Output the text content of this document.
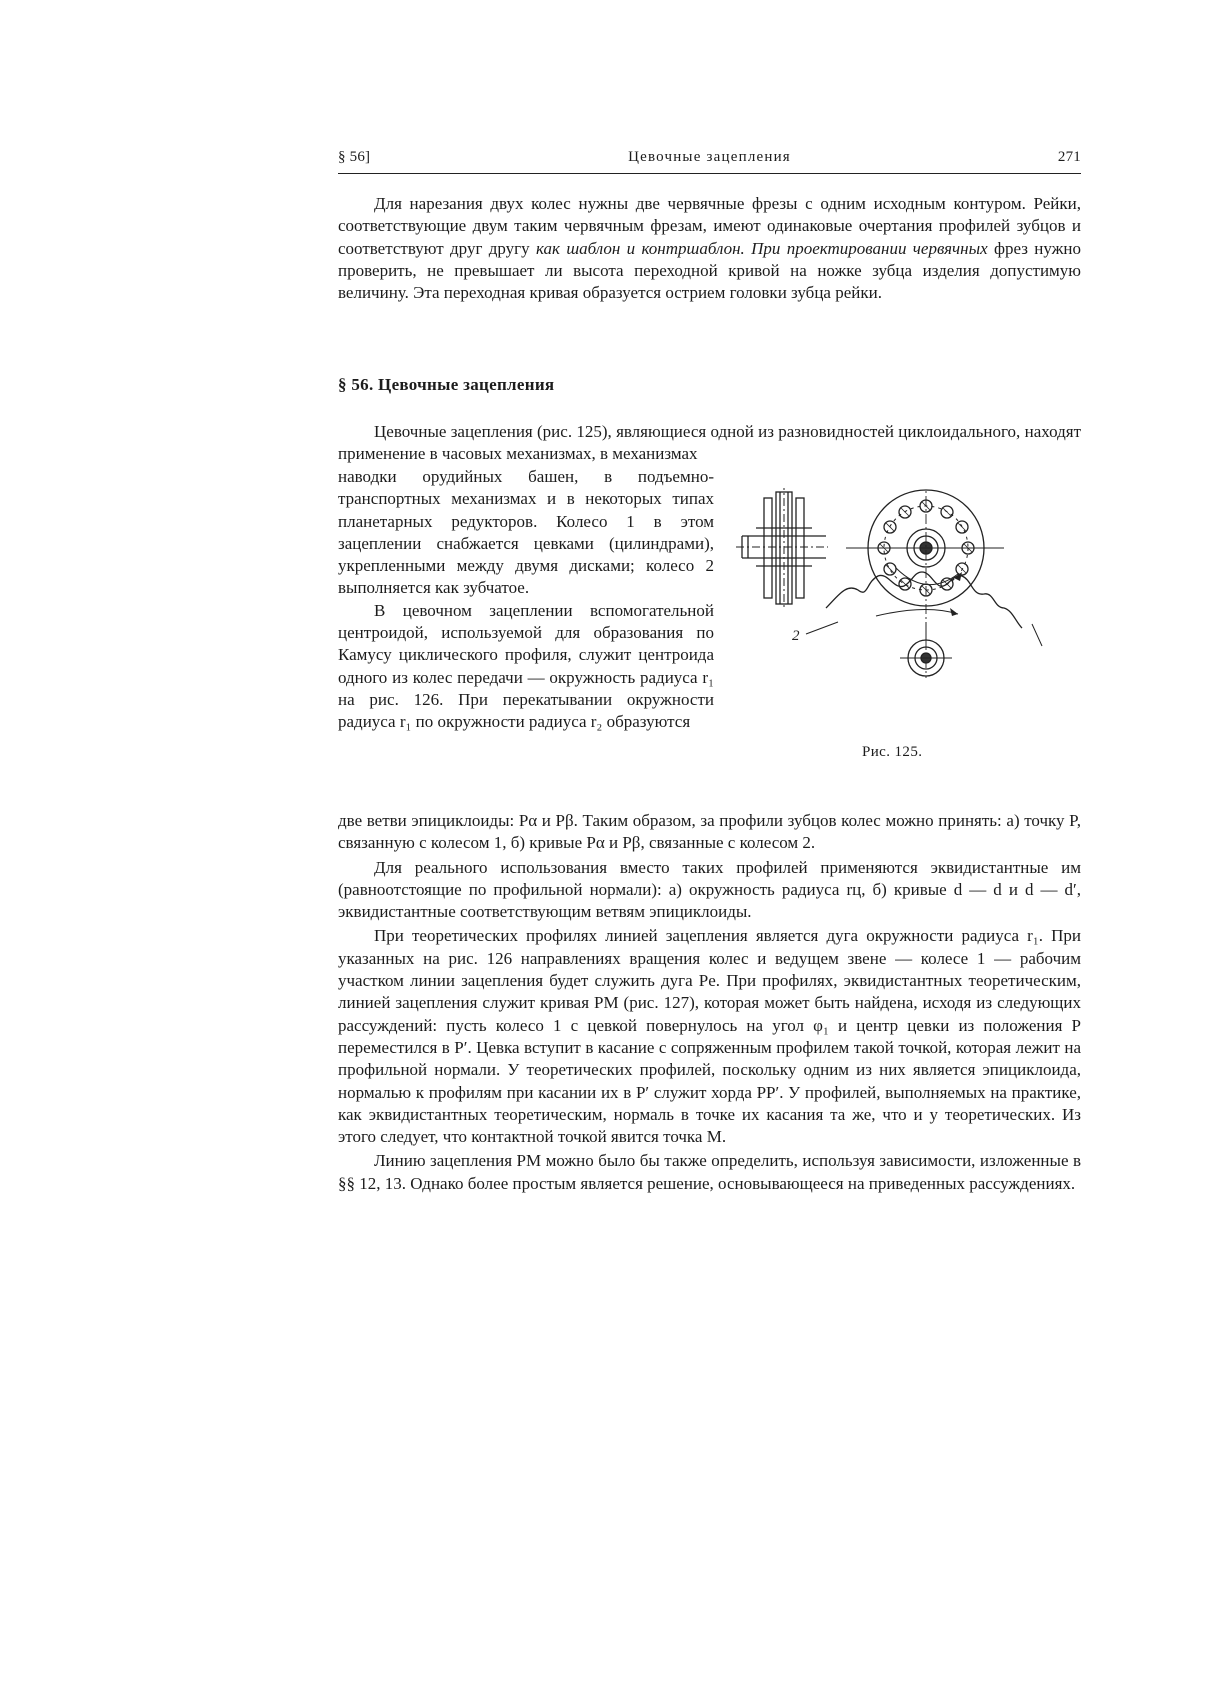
§ 56]	Цевочные зацепления	271

Для нарезания двух колес нужны две червячные фрезы с одним исходным контуром. Рейки, соответствующие двум таким червячным фрезам, имеют одинаковые очертания профилей зубцов и соответствуют друг другу как шаблон и контршаблон. При проектировании червячных фрез нужно проверить, не превышает ли высота переходной кривой на ножке зубца изделия допустимую величину. Эта переходная кривая образуется острием головки зубца рейки.

§ 56. Цевочные зацепления

Цевочные зацепления (рис. 125), являющиеся одной из разновидностей циклоидального, находят применение в часовых механизмах, в механизмах

наводки орудийных башен, в подъемно-транспортных механизмах и в некоторых типах планетарных редукторов. Колесо 1 в этом зацеплении снабжается цевками (цилиндрами), укрепленными между двумя дисками; колесо 2 выполняется как зубчатое.

В цевочном зацеплении вспомогательной центроидой, используемой для образования по Камусу циклического профиля, служит центроида одного из колес передачи — окружность радиуса r₁ на рис. 126. При перекатывании окружности радиуса r₁ по окружности радиуса r₂ образуются

2
Рис. 125.

две ветви эпициклоиды: Pα и Pβ. Таким образом, за профили зубцов колес можно принять: а) точку P, связанную с колесом 1, б) кривые Pα и Pβ, связанные с колесом 2.

Для реального использования вместо таких профилей применяются эквидистантные им (равноотстоящие по профильной нормали): а) окружность радиуса rц, б) кривые d — d и d — d′, эквидистантные соответствующим ветвям эпициклоиды.

При теоретических профилях линией зацепления является дуга окружности радиуса r₁. При указанных на рис. 126 направлениях вращения колес и ведущем звене — колесе 1 — рабочим участком линии зацепления будет служить дуга Pe. При профилях, эквидистантных теоретическим, линией зацепления служит кривая PM (рис. 127), которая может быть найдена, исходя из следующих рассуждений: пусть колесо 1 с цевкой повернулось на угол φ₁ и центр цевки из положения P переместился в P′. Цевка вступит в касание с сопряженным профилем такой точкой, которая лежит на профильной нормали. У теоретических профилей, поскольку одним из них является эпициклоида, нормалью к профилям при касании их в P′ служит хорда PP′. У профилей, выполняемых на практике, как эквидистантных теоретическим, нормаль в точке их касания та же, что и у теоретических. Из этого следует, что контактной точкой явится точка M.

Линию зацепления PM можно было бы также определить, используя зависимости, изложенные в §§ 12, 13. Однако более простым является решение, основывающееся на приведенных рассуждениях.
